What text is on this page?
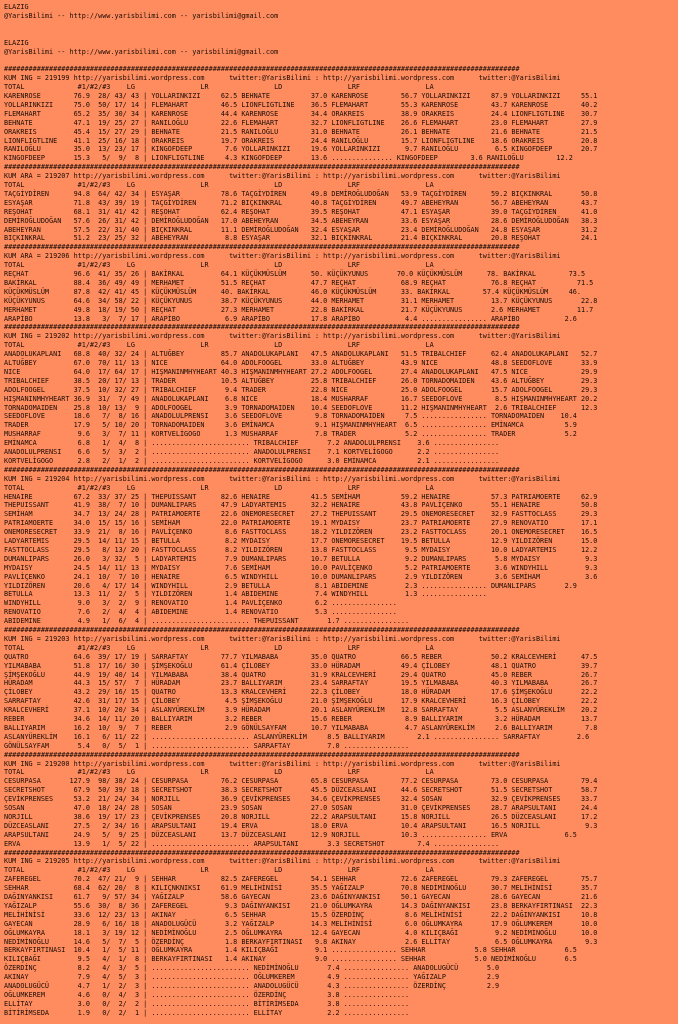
ELAZIG
@YarisBilimi -- http://www.yarisbilimi.com -- yarisbilimi@gmail.com
ELAZIG
@YarisBilimi -- http://www.yarisbilimi.com -- yarisbilimi@gmail.com
##############################################################################################################################
KUM ING = 219199 http://yarisbilimi.wordpress.com      twitter:@YarisBilimi : http://yarisbilimi.wordpress.com      twitter:@YarisBilimi
TOTAL             #1/#2/#3    LG                LR                LD                LRF                LA
KARENROSE        76.9  28/ 43/ 43 | YOLLARINKIZI     62.5 BEHNATE          37.0 KARENROSE        56.7 YOLLARINKIZI     87.9 YOLLARINKIZI     55.1
YOLLARINKIZI     75.0  50/ 17/ 14 | FLEMAHART        46.5 LIONFLIGTLINE    36.5 FLEMAHART        55.3 KARENROSE        43.7 KARENROSE        40.2
FLEMAHART        65.2  35/ 30/ 34 | KARENROSE        44.4 KARENROSE        34.4 ORAKREIS         38.9 ORAKREIS         24.4 LIONFLIGTLINE    30.7
BEHNATE          47.1  19/ 25/ 27 | RANILOĞLU        22.6 FLEMAHART        32.7 LIONFLIGTLINE    26.6 FLEMAHART        23.0 FLEMAHART        27.9
ORAKREIS         45.4  15/ 27/ 29 | BEHNATE          21.5 RANILOĞLU        31.0 BEHNATE          26.1 BEHNATE          21.6 BEHNATE          21.5
LIONFLIGTLINE    41.1  25/ 16/ 18 | ORAKREIS         19.7 ORAKREIS         24.4 RANILOĞLU        15.7 LIONFLIGTLINE    18.6 ORAKREIS         20.8
RANILOĞLU        35.0  13/ 23/ 17 | KINGOFDEEP        7.6 YOLLARINKIZI     19.6 YOLLARINKIZI      9.7 RANILOĞLU         6.5 KINGOFDEEP       20.7
KINGOFDEEP       15.3   5/  9/  8 | LIONFLIGTLINE     4.3 KINGOFDEEP       13.6 ............... KINGOFDEEP        3.6 RANILOĞLU        12.2
##############################################################################################################################
KUM ARA = 219207 http://yarisbilimi.wordpress.com      twitter:@YarisBilimi : http://yarisbilimi.wordpress.com      twitter:@YarisBilimi
TOTAL             #1/#2/#3    LG                LR                LD                LRF                LA
TAÇGİYDİREN      94.8  64/ 42/ 34 | ESYAŞAR          78.6 TAÇGİYDİREN      49.8 DEMİROĞLUDOĞAN   53.9 TAÇGİYDİREN      59.2 BIÇKINKRAL       50.8
ESYAŞAR          71.8  43/ 39/ 19 | TAÇGİYDİREN      71.2 BIÇKINKRAL       40.8 TAÇGİYDİREN      49.7 ABEHEYRAN        56.7 ABEHEYRAN        43.7
REŞOHAT          68.1  31/ 41/ 42 | REŞOHAT          62.4 REŞOHAT          39.5 REŞOHAT          47.1 ESYAŞAR          39.0 TAÇGİYDİREN      41.0
DEMİROĞLUDOĞAN   57.6  26/ 31/ 42 | DEMİROĞLUDOĞAN   17.0 ABEHEYRAN        34.5 ABEHEYRAN        33.6 ESYAŞAR          28.6 DEMİROĞLUDOĞAN   38.3
ABEHEYRAN        57.5  22/ 31/ 40 | BIÇKINKRAL       11.1 DEMİROĞLUDOĞAN   32.4 ESYAŞAR          23.4 DEMİROĞLUDOĞAN   24.8 ESYAŞAR          31.2
BIÇKINKRAL       51.2  23/ 25/ 32 | ABEHEYRAN         8.8 ESYAŞAR          32.1 BIÇKINKRAL       21.4 BIÇKINKRAL       20.8 REŞOHAT          24.1
##############################################################################################################################
KUM ARA = 219206 http://yarisbilimi.wordpress.com      twitter:@YarisBilimi : http://yarisbilimi.wordpress.com      twitter:@YarisBilimi
TOTAL             #1/#2/#3    LG                LR                LD                LRF                LA
REÇHAT           96.6  41/ 35/ 26 | BAKİRKAL         64.1 KÜÇÜKMÜSLÜM      50. KÜÇÜKYUNUS       70.0 KÜÇÜKMÜSLÜM      78. BAKİRKAL        73.5
BAKİRKAL         88.4  36/ 49/ 49 | MERHAMET         51.5 REÇHAT           47.7 REÇHAT           68.9 REÇHAT           76.8 REÇHAT          71.5
KÜÇÜKMÜSLÜM      87.8  42/ 41/ 45 | KÜÇÜKMÜSLÜM      40. BAKİRKAL          46.0 KÜÇÜKMÜSLÜM      33. BAKİRKAL        57.4 KÜÇÜKMÜSLÜM     46.
KÜÇÜKYUNUS       64.6  34/ 58/ 22 | KÜÇÜKYUNUS       38.7 KÜÇÜKYUNUS       44.0 MERHAMET         31.1 MERHAMET         13.7 KÜÇÜKYUNUS       22.8
MERHAMET         49.8  18/ 19/ 50 | REÇHAT           27.3 MERHAMET         22.8 BAKİRKAL         21.7 KÜÇÜKYUNUS       2.6 MERHAMET         11.7
ARAPİBO          13.8   3/  7/ 17 | ARAPİBO           6.9 ARAPİBO          17.8 ARAPİBO           4.4 ................ ARAPİBO           2.6
##############################################################################################################################
KUM ING = 219202 http://yarisbilimi.wordpress.com      twitter:@YarisBilimi : http://yarisbilimi.wordpress.com      twitter:@YarisBilimi
TOTAL             #1/#2/#3    LG                LR                LD                LRF                LA
ANADOLUKAPLANI   68.8  40/ 32/ 24 | ALTUĞBEY         85.7 ANADOLUKAPLANI   47.5 ANADOLUKAPLANI   51.5 TRIBALCHIEF      62.4 ANADOLUKAPLANI   52.7
ALTUĞBEY         67.0  70/ 11/ 13 | NICE             64.0 ADOLFOOGEL       33.0 ALTUĞBEY         43.9 NICE             48.8 SEEDOFLOVE       33.9
NICE             64.0  17/ 64/ 17 | HIŞMANINMHYHEART 40.3 HIŞMANINMHYHEART 27.2 ADOLFOOGEL       27.4 ANADOLUKAPLANI   47.5 NICE             29.9
TRIBALCHIEF      38.5  20/ 17/ 13 | TRADER           10.5 ALTUĞBEY         25.8 TRIBALCHIEF      26.0 TORNADOMAIDEN    43.6 ALTUĞBEY         29.3
ADOLFOOGEL       37.5  10/ 32/ 27 | TRIBALCHIEF       9.4 TRADER           22.8 NICE             25.0 ADOLFOOGEL       15.7 ADOLFOOGEL       29.3
HIŞMANINMHYHEART 36.9  31/  7/ 49 | ANADOLUKAPLANI    6.8 NICE             18.4 MUSHARRAF        16.7 SEEDOFLOVE        8.5 HIŞMANINMHYHEART 20.2
TORNADOMAIDEN    25.8  10/ 13/  9 | ADOLFOOGEL        3.9 TORNADOMAIDEN    10.4 SEEDOFLOVE       11.2 HIŞMANINMHYHEART  2.6 TRIBALCHIEF      12.3
SEEDOFLOVE       18.6   7/  8/ 16 | ANADOLULPRENSI    3.6 SEEDOFLOVE        9.8 TORNADOMAIDEN     7.5 ................ TORNADOMAIDEN    10.4
TRADER           17.9   5/ 10/ 20 | TORNADOMAIDEN     3.6 EMİNAMCA          9.1 HIŞMANINMHYHEART  6.5 ................ EMİNAMCA          5.9
MUSHARRAF         9.6   3/  7/ 11 | KORTVELİGOGO      1.3 MUSHARRAF         7.8 TRADER            5.2 ................ TRADER            5.2
EMİNAMCA          6.8   1/  4/  8 | ........................ TRIBALCHIEF       7.2 ANADOLULPRENSI    3.6 ................
ANADOLULPRENSI    6.6   5/  3/  2 | ........................ ANADOLULPRENSI    7.1 KORTVELİGOGO      2.2 ................
KORTVELİGOGO      2.8   2/  1/  2 | ........................ KORTVELİGOGO      3.0 EMİNAMCA          2.1 ................
##############################################################################################################################
KUM ING = 219204 http://yarisbilimi.wordpress.com      twitter:@YarisBilimi : http://yarisbilimi.wordpress.com      twitter:@YarisBilimi
TOTAL             #1/#2/#3    LG                LR                LD                LRF                LA
HENAIRE          67.2  33/ 37/ 25 | THEPUISSANT      82.6 HENAIRE          41.5 SEMİHAM          59.2 HENAIRE          57.3 PATRIAMOERTE     62.9
THEPUISSANT      41.9  38/  7/ 10 | DUMANLIPARS      47.9 LADYARTEMIS      32.2 HENAIRE          43.8 PAVLİÇENKO       55.1 HENAIRE          50.8
SEMİHAM          34.7  13/ 24/ 28 | PATRIAMOERTE     22.6 ONEMORESECRET    27.2 THEPUISSANT      29.5 ONEMORESECRET    32.9 FASTTOCLASS      29.3
PATRIAMOERTE     34.0  15/ 15/ 16 | SEMİHAM          22.0 PATRIAMOERTE     19.1 MYDAISY          23.7 PATRIAMOERTE     27.9 RENOVATIO        17.1
ONEMORESECRET    33.9  21/  8/ 16 | PAVLİÇENKO        8.6 FASTTOCLASS      18.2 YILDIZÖREN       23.2 FASTTOCLASS      20.1 ONEMORESECRET    16.5
LADYARTEMIS      29.5  14/ 11/ 15 | BETULLA           8.2 MYDAISY          17.7 ONEMORESECRET    19.5 BETULLA          12.9 YILDIZÖREN       15.0
FASTTOCLASS      29.5   8/ 13/ 20 | FASTTOCLASS       8.2 YILDIZÖREN       13.8 FASTTOCLASS       9.5 MYDAISY          10.0 LADYARTEMIS      12.2
DUMANLIPARS      26.0   3/ 32/  5 | LADYARTEMIS       7.9 DUMANLIPARS      10.7 BETULLA           9.2 DUMANLIPARS       5.8 MYDAISY           9.3
MYDAISY          24.5  14/ 11/ 13 | MYDAISY           7.6 SEMİHAM          10.0 PAVLİÇENKO        5.2 PATRIAMOERTE      3.6 WINDYHILL         9.3
PAVLİÇENKO       24.1  10/  7/ 10 | HENAIRE           6.5 WINDYHILL        10.0 DUMANLIPARS       2.9 YILDIZÖREN        3.6 SEMİHAM           3.6
YILDIZÖREN       20.6   4/ 17/ 14 | WINDYHILL         2.9 BETULLA           8.1 ABIDEMINE         2.3 ................ DUMANLIPARS       2.9
BETULLA          13.3  11/  2/  5 | YILDIZÖREN        1.4 ABIDEMINE         7.4 WINDYHILL         1.3 ................
WINDYHILL         9.0   3/  2/  9 | RENOVATIO         1.4 PAVLİÇENKO        6.2 ................
RENOVATIO         7.6   2/  4/  4 | ABIDEMINE         1.4 RENOVATIO         5.3 ................
ABIDEMINE         4.9   1/  6/  4 | ........................ THEPUISSANT       1.7 ................
##############################################################################################################################
KUM ING = 219203 http://yarisbilimi.wordpress.com      twitter:@YarisBilimi : http://yarisbilimi.wordpress.com      twitter:@YarisBilimi
TOTAL             #1/#2/#3    LG                LR                LD                LRF                LA
QUATRO           64.6  39/ 17/ 19 | SARRAFTAY        77.7 YILMABABA        35.0 QUATRO           66.5 REBER            50.2 KRALCEVHERİ      47.5
YILMABABA        51.8  17/ 16/ 30 | ŞİMŞEKOĞLU       61.4 ÇİLOBEY          33.0 HÜRADAM          49.4 ÇİLOBEY          48.1 QUATRO           39.7
ŞİMŞEKOĞLU       44.9  19/ 40/ 14 | YILMABABA        38.4 QUATRO           31.9 KRALCEVHERİ      29.4 QUATRO           45.0 REBER            26.7
HÜRADAM          44.3  15/ 57/  7 | HÜRADAM          23.7 BALLIYARIM       23.4 SARRAFTAY        19.5 YILMABABA        40.3 YILMABABA        26.7
ÇİLOBEY          43.2  29/ 16/ 15 | QUATRO           13.3 KRALCEVHERİ      22.3 ÇİLOBEY          18.0 HÜRADAM          17.6 ŞİMŞEKOĞLU       22.2
SARRAFTAY        42.6  31/ 17/ 15 | ÇİLOBEY           4.5 ŞİMŞEKOĞLU       21.0 ŞİMŞEKOĞLU       17.9 KRALCEVHERİ      16.3 ÇİLOBEY          22.2
KRALCEVHERİ      37.1  10/ 20/ 34 | ASLANYÜREKLİM     3.9 HÜRADAM          20.1 ASLANYÜREKLİM    12.8 SARRAFTAY         5.5 ASLANYÜREKLİM    20.2
REBER            34.6  14/ 11/ 20 | BALLIYARIM        3.2 REBER            15.6 REBER             8.9 BALLIYARIM        3.2 HÜRADAM          13.7
BALLIYARIM       16.2  10/  9/  7 | REBER             2.9 GÖNÜLSAYFAM      10.7 YILMABABA         4.7 ASLANYÜREKLİM     2.6 BALLIYARIM        7.8
ASLANYÜREKLİM    16.1   6/ 11/ 22 | ........................ ASLANYÜREKLİM     8.5 BALLIYARIM        2.1 ................ SARRAFTAY         2.6
GÖNÜLSAYFAM       5.4   0/  5/  1 | ........................ SARRAFTAY         7.0 ................
##############################################################################################################################
KUM ING = 219200 http://yarisbilimi.wordpress.com      twitter:@YarisBilimi : http://yarisbilimi.wordpress.com      twitter:@YarisBilimi
TOTAL             #1/#2/#3    LG                LR                LD                LRF                LA
CESURPASA       127.9  98/ 38/ 24 | CESURPASA        76.2 CESURPASA        65.8 CESURPASA        77.2 CESURPASA        73.0 CESURPASA        79.4
SECRETSHOT       67.9  50/ 39/ 18 | SECRETSHOT       38.3 SECRETSHOT       45.5 DÜZCEASLANI      44.6 SECRETSHOT       51.5 SECRETSHOT       58.7
ÇEVİKPRENSES     53.2  21/ 24/ 34 | NORJILL          36.9 ÇEVİKPRENSES     34.6 ÇEVİKPRENSES     32.4 SOSAN            32.9 ÇEVİKPRENSES     33.7
SOSAN            47.0  18/ 24/ 28 | SOSAN            23.9 SOSAN            27.0 SOSAN            31.0 ÇEVİKPRENSES     28.7 ARAPSULTANI      24.4
NORJILL          38.6  19/ 17/ 23 | ÇEVİKPRENSES     20.8 NORJILL          22.2 ARAPSULTANI      15.8 NORJILL          26.5 DÜZCEASLANI      17.2
DÜZCEASLANI      27.5   2/ 34/ 16 | ARAPSULTANI      19.4 ERVA             18.0 ERVA             10.4 ARAPSULTANI      16.5 NORJILL           9.3
ARAPSULTANI      24.9   5/  9/ 25 | DÜZCEASLANI      13.7 DÜZCEASLANI      12.9 NORJILL          10.3 ................ ERVA              6.5
ERVA             13.9   1/  5/ 22 | ........................ ARAPSULTANI       3.3 SECRETSHOT        7.4 ................
##############################################################################################################################
KUM ING = 219205 http://yarisbilimi.wordpress.com      twitter:@YarisBilimi : http://yarisbilimi.wordpress.com      twitter:@YarisBilimi
TOTAL             #1/#2/#3    LG                LR                LD                LRF                LA
ZAFEREGEL        70.2  47/ 21/  9 | SEHHAR           82.5 ZAFEREGEL        54.1 SEHHAR           72.6 ZAFEREGEL        79.3 ZAFEREGEL        75.7
SEHHAR           68.4  62/ 20/  8 | KILIÇNKNIKSI     61.9 MELİHİNİSİ       35.5 YAĞIZALP         70.8 NEDİMİNOĞLU      30.7 MELİHİNİSİ       35.7
DAĞINYANKISI     61.7   9/ 57/ 34 | YAĞIZALP         58.6 GAYECAN          23.6 DAĞINYANKISI     50.1 GAYECAN          28.6 GAYECAN          21.6
YAĞIZALP         55.6  30/  8/ 36 | ZAFEREGEL         9.3 DAĞINYANKISI     21.0 OĞLUMKAYRA       14.3 DAĞINYANKISI     23.8 BERKAYFIRTINASI  22.3
MELİHİNİSİ       33.6  12/ 23/ 13 | AKINAY            6.5 SEHHAR           15.5 ÖZERDİNÇ          8.6 MELİHİNİSİ       22.2 DAĞINYANKISI     10.8
GAYECAN          28.9   6/ 16/ 18 | ANADOLUGÜCÜ       3.2 YAĞIZALP         14.3 MELİHİNİSİ        6.0 OĞLUMKAYRA       17.9 OĞLUMKEREM       10.0
OĞLUMKAYRA       18.1   3/ 19/ 12 | NEDİMİNOĞLU       2.5 OĞLUMKAYRA       12.4 GAYECAN           4.0 KILIÇBAĞI         9.2 NEDİMİNOĞLU      10.0
NEDİMİNOĞLU      14.6   5/  7/  5 | ÖZERDİNÇ          1.8 BERKAYFIRTINASI   9.8 AKINAY            2.6 ELLİTAY           6.5 OĞLUMKAYRA        9.3
BERKAYFIRTINASI  10.4   1/  5/ 11 | OĞLUMKAYRA        1.4 KILIÇBAĞI         9.1 ................ SEHHAR            5.8 SEHHAR            6.5
KILIÇBAĞI         9.5   4/  1/  8 | BERKAYFIRTINASI   1.4 AKINAY            9.0 ................ SEHHAR            5.0 NEDİMİNOĞLU       6.5
ÖZERDİNÇ          8.2   4/  3/  5 | ........................ NEDİMİNOĞLU       7.4 ................ ANADOLUGÜCÜ       5.0
AKINAY            7.9   4/  5/  3 | ........................ OĞLUMKEREM        4.9 ................ YAĞIZALP          2.9
ANADOLUGÜCÜ       4.7   1/  2/  3 | ........................ ANADOLUGÜCÜ       4.3 ................ ÖZERDİNÇ          2.9
OĞLUMKEREM        4.6   0/  4/  3 | ........................ ÖZERDİNÇ          3.8 ................
ELLİTAY           3.0   0/  2/  2 | ........................ BİTİRİMSEDA       3.8 ................
BİTİRİMSEDA       1.9   0/  2/  1 | ........................ ELLİTAY           2.2 ................
